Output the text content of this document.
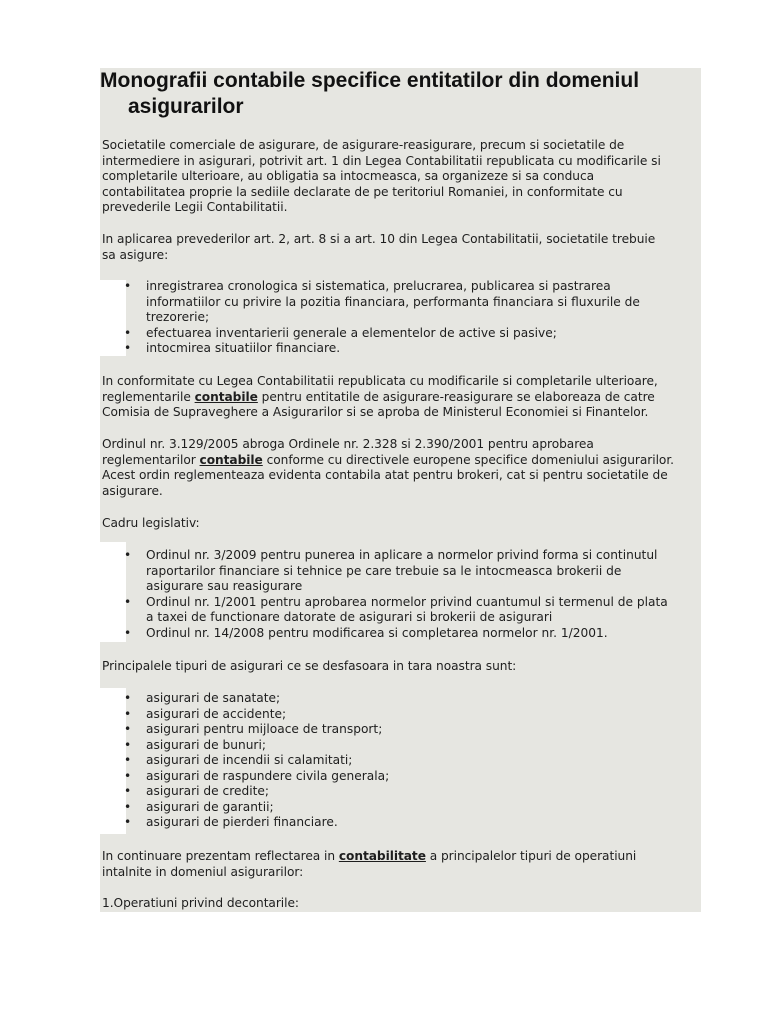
Monografii contabile specifice entitatilor din domeniul
asigurarilor

Societatile comerciale de asigurare, de asigurare-reasigurare, precum si societatile de
intermediere in asigurari, potrivit art. 1 din Legea Contabilitatii republicata cu modificarile si
completarile ulterioare, au obligatia sa intocmeasca, sa organizeze si sa conduca
contabilitatea proprie la sediile declarate de pe teritoriul Romaniei, in conformitate cu
prevederile Legii Contabilitatii.

In aplicarea prevederilor art. 2, art. 8 si a art. 10 din Legea Contabilitatii, societatile trebuie
sa asigure:

• inregistrarea cronologica si sistematica, prelucrarea, publicarea si pastrarea
informatiilor cu privire la pozitia financiara, performanta financiara si fluxurile de
trezorerie;
• efectuarea inventarierii generale a elementelor de active si pasive;
• intocmirea situatiilor financiare.

In conformitate cu Legea Contabilitatii republicata cu modificarile si completarile ulterioare,
reglementarile contabile pentru entitatile de asigurare-reasigurare se elaboreaza de catre
Comisia de Supraveghere a Asigurarilor si se aproba de Ministerul Economiei si Finantelor.

Ordinul nr. 3.129/2005 abroga Ordinele nr. 2.328 si 2.390/2001 pentru aprobarea
reglementarilor contabile conforme cu directivele europene specifice domeniului asigurarilor.
Acest ordin reglementeaza evidenta contabila atat pentru brokeri, cat si pentru societatile de
asigurare.

Cadru legislativ:

• Ordinul nr. 3/2009 pentru punerea in aplicare a normelor privind forma si continutul
raportarilor financiare si tehnice pe care trebuie sa le intocmeasca brokerii de
asigurare sau reasigurare
• Ordinul nr. 1/2001 pentru aprobarea normelor privind cuantumul si termenul de plata
a taxei de functionare datorate de asigurari si brokerii de asigurari
• Ordinul nr. 14/2008 pentru modificarea si completarea normelor nr. 1/2001.

Principalele tipuri de asigurari ce se desfasoara in tara noastra sunt:

• asigurari de sanatate;
• asigurari de accidente;
• asigurari pentru mijloace de transport;
• asigurari de bunuri;
• asigurari de incendii si calamitati;
• asigurari de raspundere civila generala;
• asigurari de credite;
• asigurari de garantii;
• asigurari de pierderi financiare.

In continuare prezentam reflectarea in contabilitate a principalelor tipuri de operatiuni
intalnite in domeniul asigurarilor:

1.Operatiuni privind decontarile:
